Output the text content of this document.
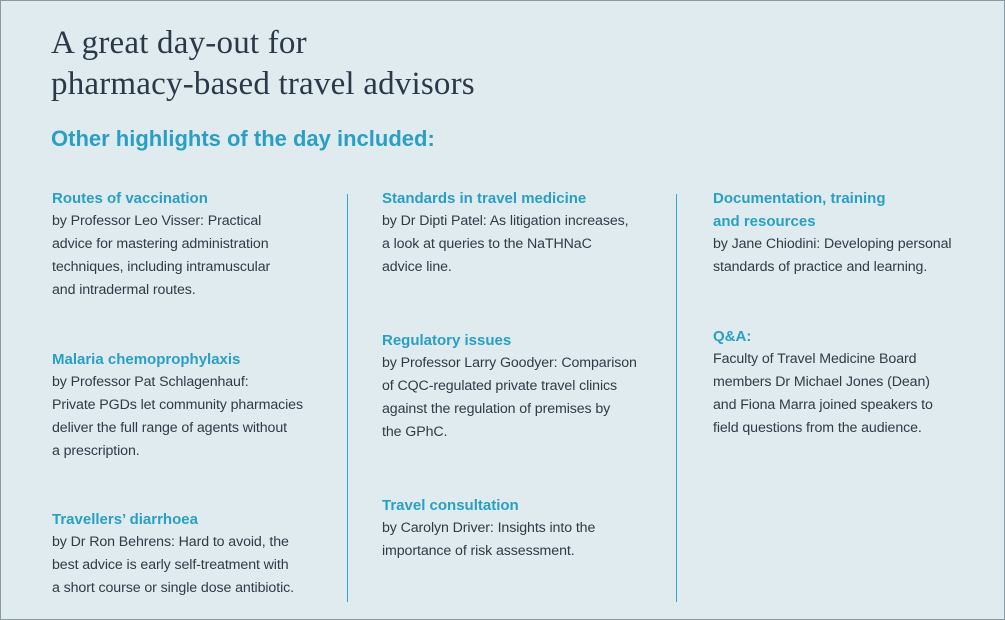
A great day-out for
pharmacy-based travel advisors
Other highlights of the day included:
Routes of vaccination

by Professor Leo Visser: Practical
advice for mastering administration
techniques, including intramuscular
and intradermal routes.

Malaria chemoprophylaxis

by Professor Pat Schlagenhauf:
Private PGDs let community pharmacies
deliver the full range of agents without
a prescription.

Travellers’ diarrhoea

by Dr Ron Behrens: Hard to avoid, the
best advice is early self-treatment with
a short course or single dose antibiotic.

Standards in travel medicine

by Dr Dipti Patel: As litigation increases,
a look at queries to the NaTHNaC
advice line.

Regulatory issues

by Professor Larry Goodyer: Comparison
of CQC-regulated private travel clinics
against the regulation of premises by
the GPhC.

Travel consultation

by Carolyn Driver: Insights into the
importance of risk assessment.

Documentation, training
and resources

by Jane Chiodini: Developing personal
standards of practice and learning.

Q&A:

Faculty of Travel Medicine Board
members Dr Michael Jones (Dean)
and Fiona Marra joined speakers to
field questions from the audience.
